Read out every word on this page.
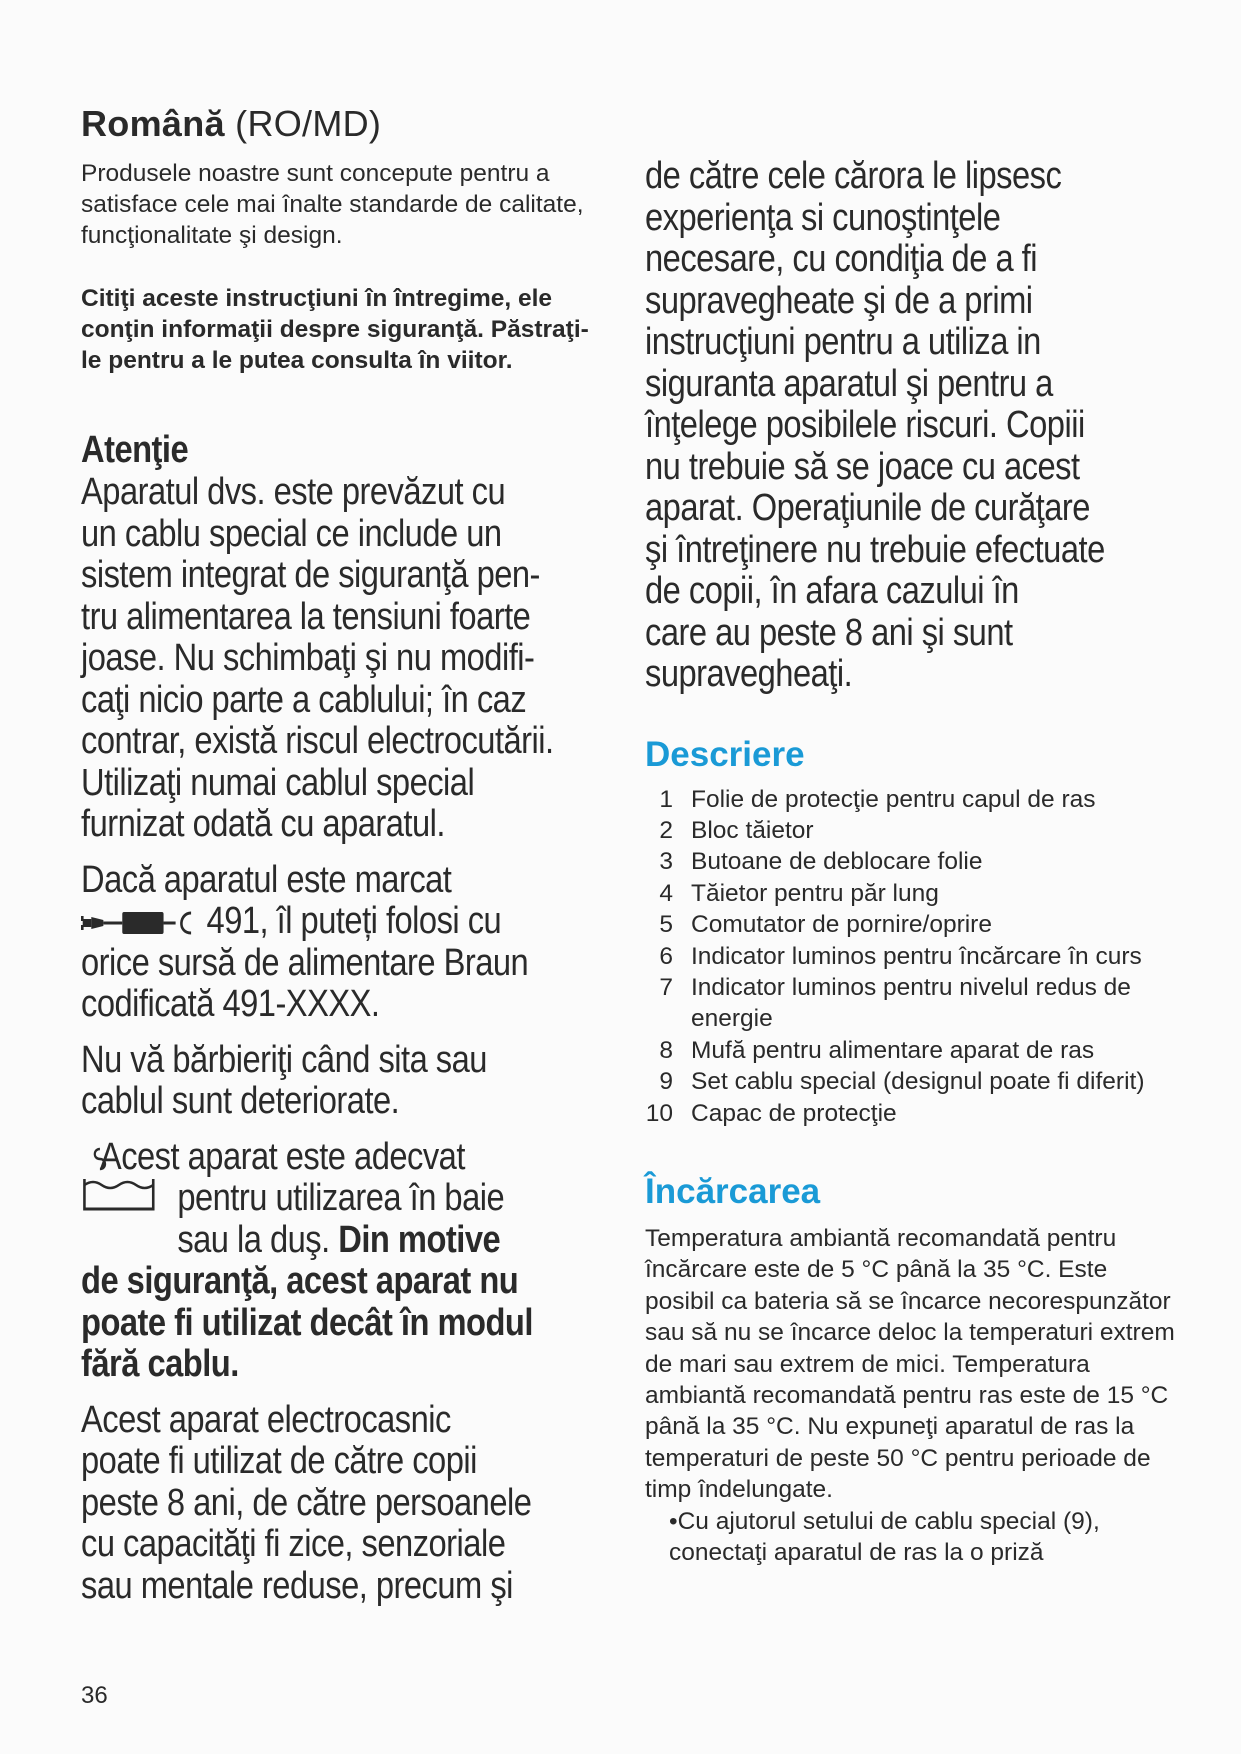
Română (RO/MD)

Produsele noastre sunt concepute pentru a satisface cele mai înalte standarde de calitate, funcţionalitate şi design.

Citiţi aceste instrucţiuni în întregime, ele conţin informaţii despre siguranţă. Păstraţi-le pentru a le putea consulta în viitor.

Atenţie

Aparatul dvs. este prevăzut cu

un cablu special ce include un

sistem integrat de siguranţă pen-

tru alimentarea la tensiuni foarte

joase. Nu schimbaţi şi nu modifi-

caţi nicio parte a cablului; în caz

contrar, există riscul electrocutării.

Utilizaţi numai cablul special

furnizat odată cu aparatul.

Dacă aparatul este marcat

491, îl puteți folosi cu

orice sursă de alimentare Braun

codificată 491-XXXX.

Nu vă bărbieriţi când sita sau

cablul sunt deteriorate.

Acest aparat este adecvat

pentru utilizarea în baie

sau la duş. Din motive

de siguranţă, acest aparat nu

poate fi utilizat decât în modul

fără cablu.

Acest aparat electrocasnic

poate fi utilizat de către copii

peste 8 ani, de către persoanele

cu capacităţi fi zice, senzoriale

sau mentale reduse, precum şi

de către cele cărora le lipsesc

experienţa si cunoştinţele

necesare, cu condiţia de a fi

supravegheate şi de a primi

instrucţiuni pentru a utiliza in

siguranta aparatul şi pentru a

înţelege posibilele riscuri. Copiii

nu trebuie să se joace cu acest

aparat. Operaţiunile de curăţare

şi întreţinere nu trebuie efectuate

de copii, în afara cazului în

care au peste 8 ani şi sunt

supravegheaţi.

Descriere
1 Folie de protecţie pentru capul de ras
2 Bloc tăietor
3 Butoane de deblocare folie
4 Tăietor pentru păr lung
5 Comutator de pornire/oprire
6 Indicator luminos pentru încărcare în curs
7 Indicator luminos pentru nivelul redus de energie
8 Mufă pentru alimentare aparat de ras
9 Set cablu special (designul poate fi diferit)
10 Capac de protecţie
Încărcarea

Temperatura ambiantă recomandată pentru încărcare este de 5 °C până la 35 °C. Este posibil ca bateria să se încarce necorespunzător sau să nu se încarce deloc la temperaturi extrem de mari sau extrem de mici. Temperatura ambiantă recomandată pentru ras este de 15 °C până la 35 °C. Nu expuneţi aparatul de ras la temperaturi de peste 50 °C pentru perioade de timp îndelungate.

•Cu ajutorul setului de cablu special (9), conectaţi aparatul de ras la o priză

36
